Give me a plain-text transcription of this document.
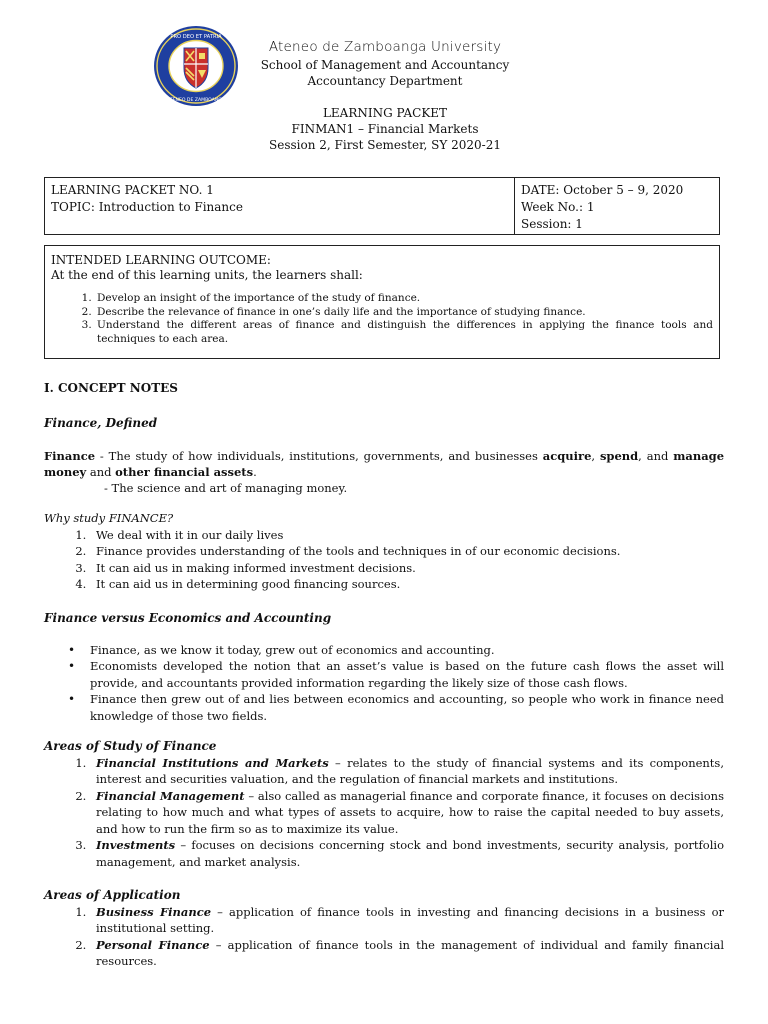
PRO DEO ET PATRIA
ATENEO DE ZAMBOANGA
Ateneo de Zamboanga University
School of Management and Accountancy
Accountancy Department
LEARNING PACKET
FINMAN1 – Financial Markets
Session 2, First Semester, SY 2020-21
LEARNING PACKET NO. 1
TOPIC: Introduction to Finance
DATE: October 5 – 9, 2020
Week No.: 1
Session: 1
INTENDED LEARNING OUTCOME:
At the end of this learning units, the learners shall:
1. Develop an insight of the importance of the study of finance.
2. Describe the relevance of finance in one’s daily life and the importance of studying finance.
3. Understand the different areas of finance and distinguish the differences in applying the finance tools and techniques to each area.
I. CONCEPT NOTES
Finance, Defined

Finance - The study of how individuals, institutions, governments, and businesses acquire, spend, and manage money and other financial assets.

- The science and art of managing money.
Why study FINANCE?
1. We deal with it in our daily lives
2. Finance provides understanding of the tools and techniques in of our economic decisions.
3. It can aid us in making informed investment decisions.
4. It can aid us in determining good financing sources.
Finance versus Economics and Accounting
• Finance, as we know it today, grew out of economics and accounting.
• Economists developed the notion that an asset’s value is based on the future cash flows the asset will provide, and accountants provided information regarding the likely size of those cash flows.
• Finance then grew out of and lies between economics and accounting, so people who work in finance need knowledge of those two fields.
Areas of Study of Finance
1. Financial Institutions and Markets – relates to the study of financial systems and its components, interest and securities valuation, and the regulation of financial markets and institutions.
2. Financial Management – also called as managerial finance and corporate finance, it focuses on decisions relating to how much and what types of assets to acquire, how to raise the capital needed to buy assets, and how to run the firm so as to maximize its value.
3. Investments – focuses on decisions concerning stock and bond investments, security analysis, portfolio management, and market analysis.
Areas of Application
1. Business Finance – application of finance tools in investing and financing decisions in a business or institutional setting.
2. Personal Finance – application of finance tools in the management of individual and family financial resources.
